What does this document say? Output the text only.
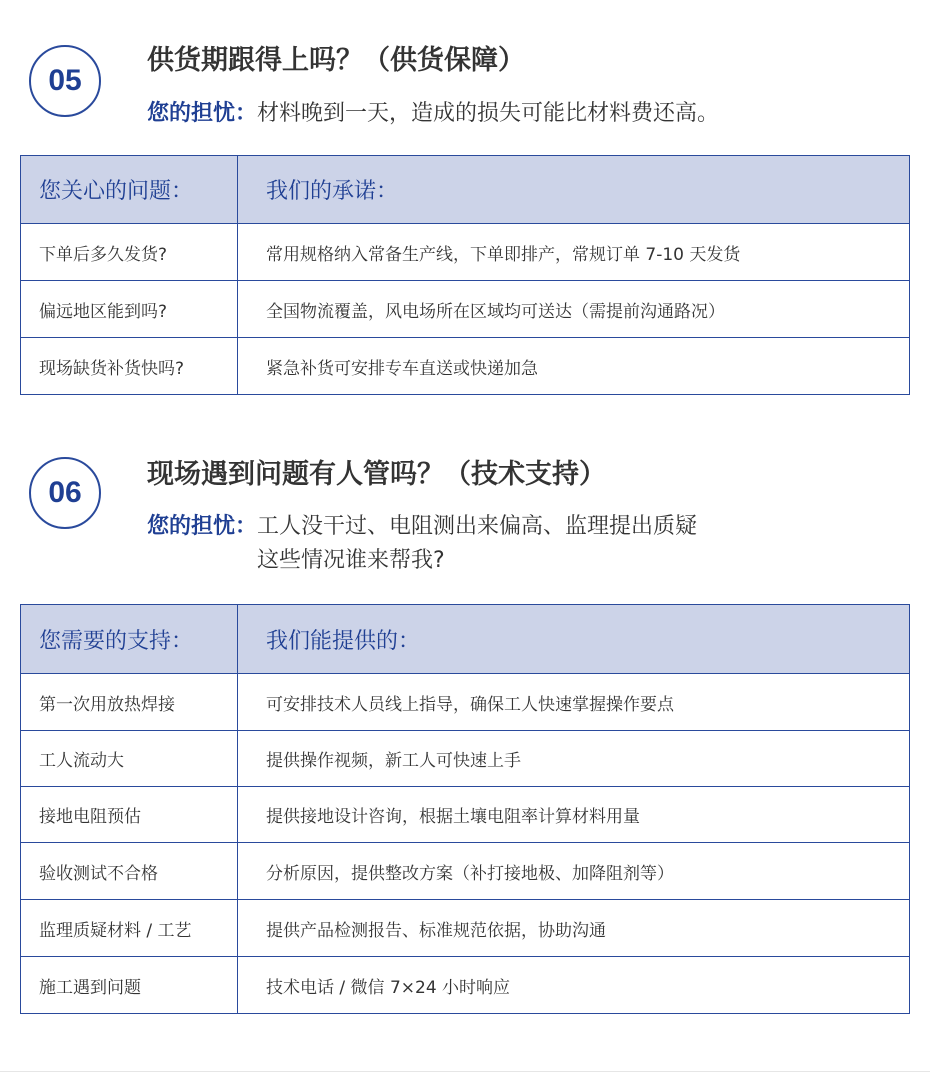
05
供货期跟得上吗？（供货保障）
您的担忧：材料晚到一天，造成的损失可能比材料费还高。
您关心的问题：	我们的承诺：
下单后多久发货?	常用规格纳入常备生产线，下单即排产，常规订单 7-10 天发货
偏远地区能到吗?	全国物流覆盖，风电场所在区域均可送达（需提前沟通路况）
现场缺货补货快吗?	紧急补货可安排专车直送或快递加急
06
现场遇到问题有人管吗？（技术支持）
您的担忧：工人没干过、电阻测出来偏高、监理提出质疑
这些情况谁来帮我?
您需要的支持：	我们能提供的：
第一次用放热焊接	可安排技术人员线上指导，确保工人快速掌握操作要点
工人流动大	提供操作视频，新工人可快速上手
接地电阻预估	提供接地设计咨询，根据土壤电阻率计算材料用量
验收测试不合格	分析原因，提供整改方案（补打接地极、加降阻剂等）
监理质疑材料 / 工艺	提供产品检测报告、标准规范依据，协助沟通
施工遇到问题	技术电话 / 微信 7×24 小时响应
